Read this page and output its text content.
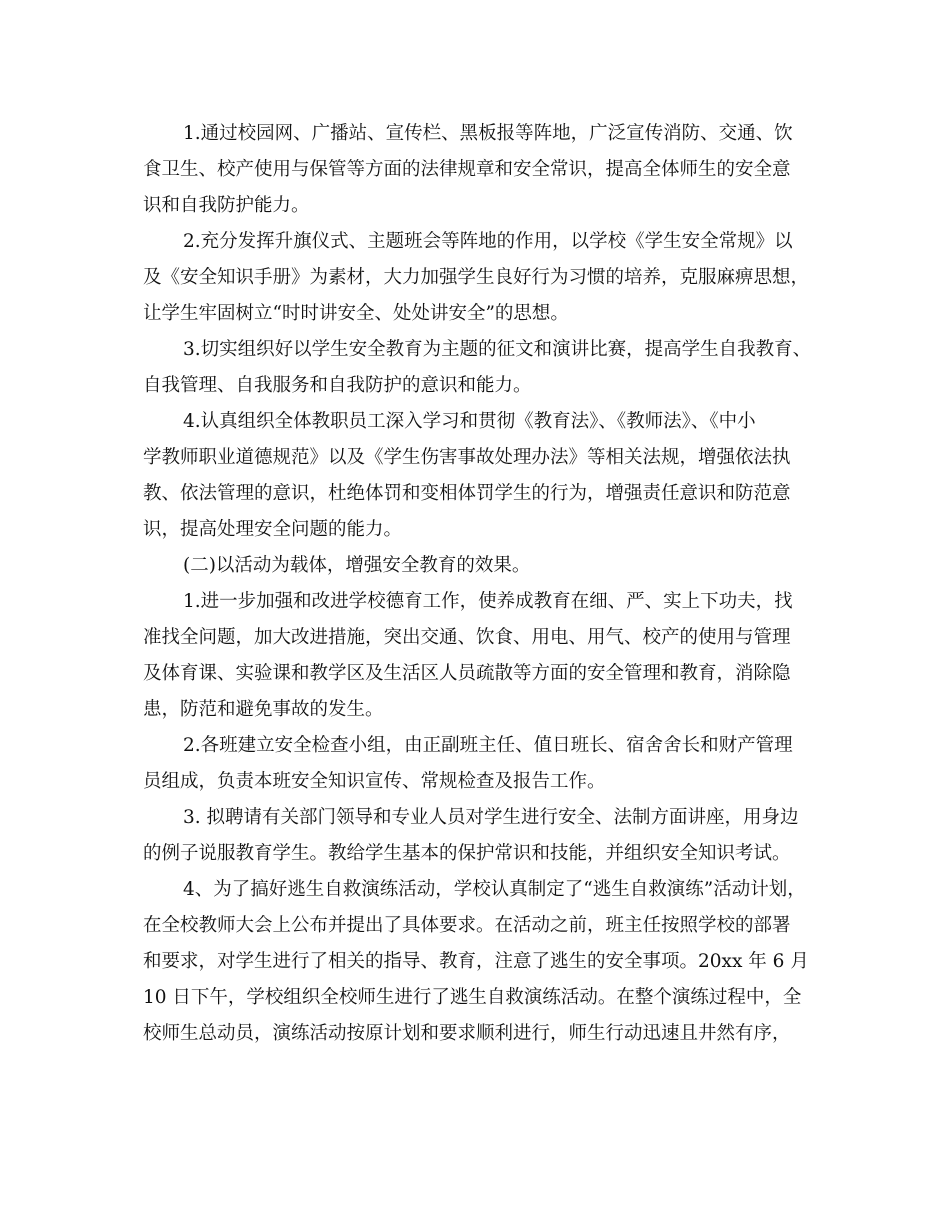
1.通过校园网、广播站、宣传栏、黑板报等阵地，广泛宣传消防、交通、饮
食卫生、校产使用与保管等方面的法律规章和安全常识，提高全体师生的安全意
识和自我防护能力。
2.充分发挥升旗仪式、主题班会等阵地的作用，以学校《学生安全常规》以
及《安全知识手册》为素材，大力加强学生良好行为习惯的培养，克服麻痹思想，
让学生牢固树立“时时讲安全、处处讲安全”的思想。
3.切实组织好以学生安全教育为主题的征文和演讲比赛，提高学生自我教育、
自我管理、自我服务和自我防护的意识和能力。
4.认真组织全体教职员工深入学习和贯彻《教育法》、《教师法》、《中小
学教师职业道德规范》以及《学生伤害事故处理办法》等相关法规，增强依法执
教、依法管理的意识，杜绝体罚和变相体罚学生的行为，增强责任意识和防范意
识，提高处理安全问题的能力。
(二)以活动为载体，增强安全教育的效果。
1.进一步加强和改进学校德育工作，使养成教育在细、严、实上下功夫，找
准找全问题，加大改进措施，突出交通、饮食、用电、用气、校产的使用与管理
及体育课、实验课和教学区及生活区人员疏散等方面的安全管理和教育，消除隐
患，防范和避免事故的发生。
2.各班建立安全检查小组，由正副班主任、值日班长、宿舍舍长和财产管理
员组成，负责本班安全知识宣传、常规检查及报告工作。
3. 拟聘请有关部门领导和专业人员对学生进行安全、法制方面讲座，用身边
的例子说服教育学生。教给学生基本的保护常识和技能，并组织安全知识考试。
4、为了搞好逃生自救演练活动，学校认真制定了“逃生自救演练”活动计划，
在全校教师大会上公布并提出了具体要求。在活动之前，班主任按照学校的部署
和要求，对学生进行了相关的指导、教育，注意了逃生的安全事项。20xx 年 6 月
10 日下午，学校组织全校师生进行了逃生自救演练活动。在整个演练过程中，全
校师生总动员，演练活动按原计划和要求顺利进行，师生行动迅速且井然有序，
